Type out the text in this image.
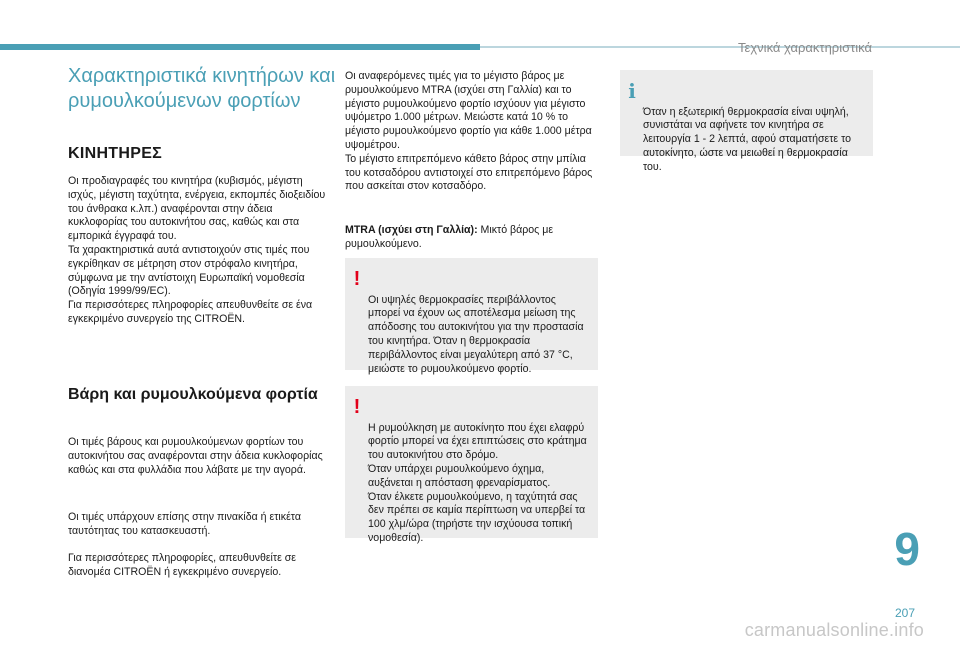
Τεχνικά χαρακτηριστικά
Χαρακτηριστικά κινητήρων και ρυμουλκούμενων φορτίων
ΚΙΝΗΤΗΡΕΣ

Οι προδιαγραφές του κινητήρα (κυβισμός, μέγιστη ισχύς, μέγιστη ταχύτητα, ενέργεια, εκπομπές διοξειδίου του άνθρακα κ.λπ.) αναφέρονται στην άδεια κυκλοφορίας του αυτοκινήτου σας, καθώς και στα εμπορικά έγγραφά του.
Τα χαρακτηριστικά αυτά αντιστοιχούν στις τιμές που εγκρίθηκαν σε μέτρηση στον στρόφαλο κινητήρα, σύμφωνα με την αντίστοιχη Ευρωπαϊκή νομοθεσία (Οδηγία 1999/99/EC).
Για περισσότερες πληροφορίες απευθυνθείτε σε ένα εγκεκριμένο συνεργείο της CITROËN.

Βάρη και ρυμουλκούμενα φορτία

Οι τιμές βάρους και ρυμουλκούμενων φορτίων του αυτοκινήτου σας αναφέρονται στην άδεια κυκλοφορίας καθώς και στα φυλλάδια που λάβατε με την αγορά.

Οι τιμές υπάρχουν επίσης στην πινακίδα ή ετικέτα ταυτότητας του κατασκευαστή.

Για περισσότερες πληροφορίες, απευθυνθείτε σε διανομέα CITROËN ή εγκεκριμένο συνεργείο.

Οι αναφερόμενες τιμές για το μέγιστο βάρος με ρυμουλκούμενο MTRA (ισχύει στη Γαλλία) και το μέγιστο ρυμουλκούμενο φορτίο ισχύουν για μέγιστο υψόμετρο 1.000 μέτρων. Μειώστε κατά 10 % το μέγιστο ρυμουλκούμενο φορτίο για κάθε 1.000 μέτρα υψομέτρου.
Το μέγιστο επιτρεπόμενο κάθετο βάρος στην μπίλια του κοτσαδόρου αντιστοιχεί στο επιτρεπόμενο βάρος που ασκείται στον κοτσαδόρο.

MTRA (ισχύει στη Γαλλία): Μικτό βάρος με ρυμουλκούμενο.

!

Οι υψηλές θερμοκρασίες περιβάλλοντος μπορεί να έχουν ως αποτέλεσμα μείωση της απόδοσης του αυτοκινήτου για την προστασία του κινητήρα. Όταν η θερμοκρασία περιβάλλοντος είναι μεγαλύτερη από 37 °C, μειώστε το ρυμουλκούμενο φορτίο.

!

Η ρυμούλκηση με αυτοκίνητο που έχει ελαφρύ φορτίο μπορεί να έχει επιπτώσεις στο κράτημα του αυτοκινήτου στο δρόμο.
Όταν υπάρχει ρυμουλκούμενο όχημα, αυξάνεται η απόσταση φρεναρίσματος.
Όταν έλκετε ρυμουλκούμενο, η ταχύτητά σας δεν πρέπει σε καμία περίπτωση να υπερβεί τα 100 χλμ/ώρα (τηρήστε την ισχύουσα τοπική νομοθεσία).

i

Όταν η εξωτερική θερμοκρασία είναι υψηλή, συνιστάται να αφήνετε τον κινητήρα σε λειτουργία 1 - 2 λεπτά, αφού σταματήσετε το αυτοκίνητο, ώστε να μειωθεί η θερμοκρασία του.

9
207
carmanualsonline.info
